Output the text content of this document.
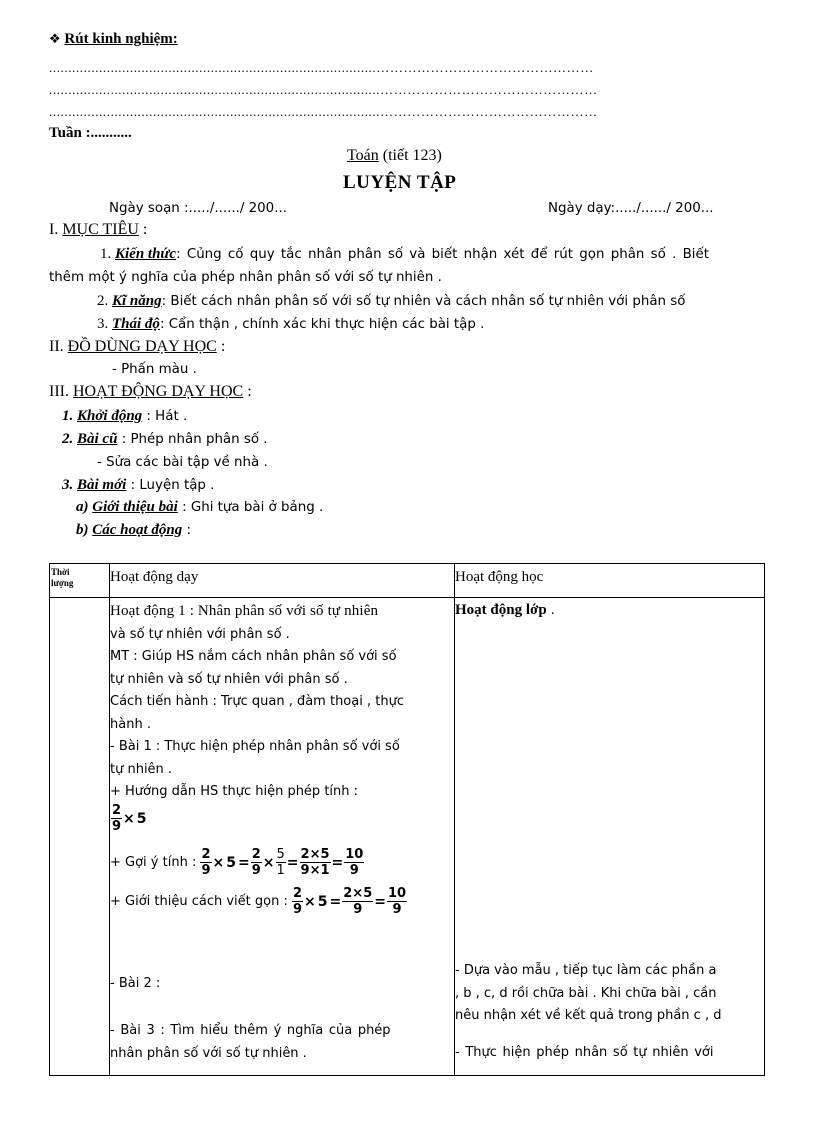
❖ Rút kinh nghiệm:
.....................................................................................…………………………………………
......................................................................................…………………………………………
......................................................................................…………………………………………
Tuần :...........
Toán (tiết 123)
LUYỆN TẬP
Ngày soạn :...../....../ 200...	Ngày dạy:...../....../ 200...
I. MỤC TIÊU :
1. Kiến thức: Củng cố quy tắc nhân phân số và biết nhận xét để rút gọn phân số . Biết
thêm một ý nghĩa của phép nhân phân số với số tự nhiên .
2. Kĩ năng: Biết cách nhân phân số với số tự nhiên và cách nhân số tự nhiên với phân số
3. Thái độ: Cẩn thận , chính xác khi thực hiện các bài tập .
II. ĐỒ DÙNG DẠY HỌC :
- Phấn màu .
III. HOẠT ĐỘNG DẠY HỌC :
1. Khởi động : Hát .
2. Bài cũ : Phép nhân phân số .
- Sửa các bài tập về nhà .
3. Bài mới : Luyện tập .
a) Giới thiệu bài : Ghi tựa bài ở bảng .
b) Các hoạt động :
Thời
lượng Hoạt động dạy	Hoạt động học
Hoạt động 1 : Nhân phân số với số tự nhiên
và số tự nhiên với phân số .
MT : Giúp HS nắm cách nhân phân số với số
tự nhiên và số tự nhiên với phân số .
Cách tiến hành : Trực quan , đàm thoại , thực
hành .
- Bài 1 : Thực hiện phép nhân phân số với số
tự nhiên .
+ Hướng dẫn HS thực hiện phép tính :
$\frac{2}{9} \times 5$
+ Gợi ý tính : $\frac{2}{9} \times 5 = \frac{2}{9} \times \frac{5}{1} = \frac{2\times 5}{9\times 1} = \frac{10}{9}$
+ Giới thiệu cách viết gọn : $\frac{2}{9} \times 5 = \frac{2\times 5}{9} = \frac{10}{9}$
- Bài 2 :
- Bài 3 : Tìm hiểu thêm ý nghĩa của phép
nhân phân số với số tự nhiên .
Hoạt động lớp .
- Dựa vào mẫu , tiếp tục làm các phần a
, b , c, d rồi chữa bài . Khi chữa bài , cần
nêu nhận xét về kết quả trong phần c , d
- Thực hiện phép nhân số tự nhiên với
